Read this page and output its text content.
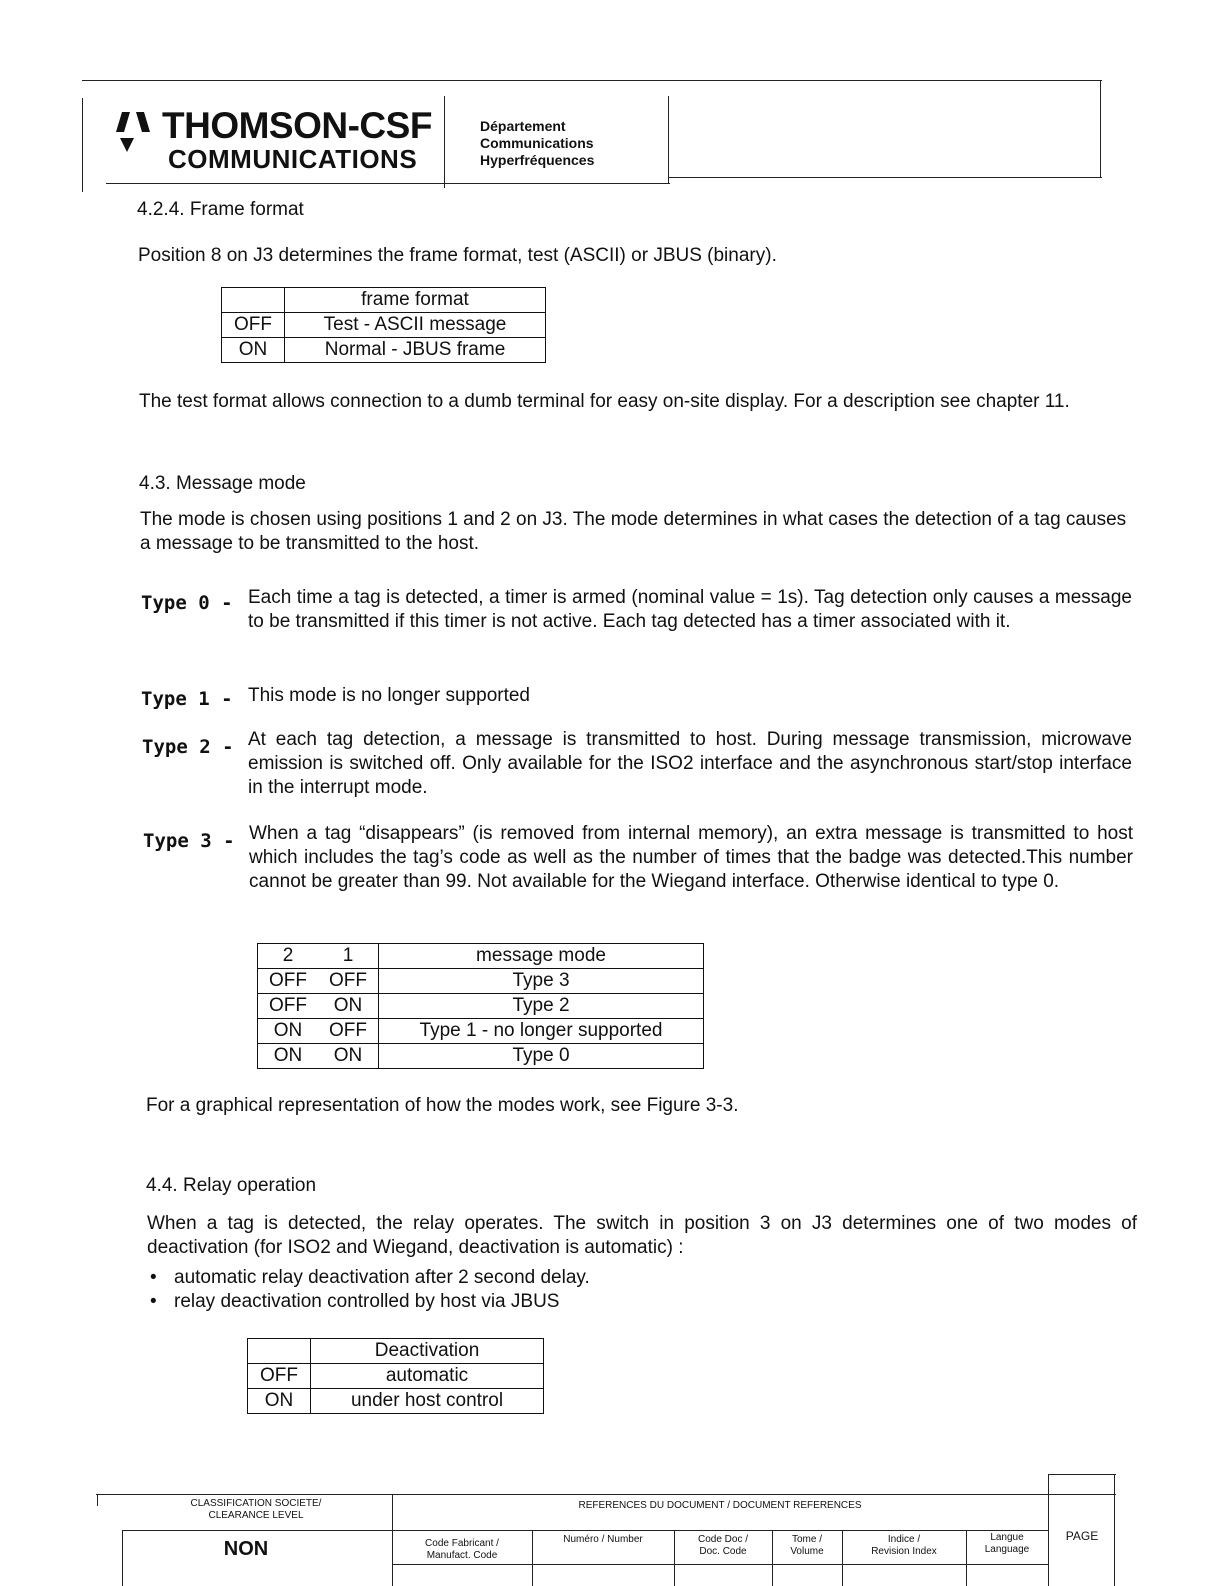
THOMSON-CSF
COMMUNICATIONS
Département
Communications
Hyperfréquences
4.2.4. Frame format
Position 8 on J3 determines the frame format, test (ASCII) or JBUS (binary).
	frame format
OFF	Test - ASCII message
ON	Normal - JBUS frame
The test format allows connection to a dumb terminal for easy on-site display. For a description see chapter 11.
4.3. Message mode
The mode is chosen using positions 1 and 2 on J3. The mode determines in what cases the detection of a tag causes a message to be transmitted to the host.
Type 0 - Each time a tag is detected, a timer is armed (nominal value = 1s). Tag detection only causes a message to be transmitted if this timer is not active. Each tag detected has a timer associated with it.
Type 1 - This mode is no longer supported
Type 2 - At each tag detection, a message is transmitted to host. During message transmission, microwave emission is switched off. Only available for the ISO2 interface and the asynchronous start/stop interface in the interrupt mode.
Type 3 - When a tag “disappears” (is removed from internal memory), an extra message is transmitted to host which includes the tag’s code as well as the number of times that the badge was detected.This number cannot be greater than 99. Not available for the Wiegand interface. Otherwise identical to type 0.
2	1	message mode
OFF	OFF	Type 3
OFF	ON	Type 2
ON	OFF	Type 1 - no longer supported
ON	ON	Type 0
For a graphical representation of how the modes work, see Figure 3-3.
4.4. Relay operation
When a tag is detected, the relay operates. The switch in position 3 on J3 determines one of two modes of deactivation (for ISO2 and Wiegand, deactivation is automatic) :
• automatic relay deactivation after 2 second delay.
• relay deactivation controlled by host via JBUS
	Deactivation
OFF	automatic
ON	under host control
CLASSIFICATION SOCIETE/
CLEARANCE LEVEL
NON
REFERENCES DU DOCUMENT / DOCUMENT REFERENCES
Code Fabricant /
Manufact. Code
Numéro / Number	Code Doc /
Doc. Code
Tome /
Volume
Indice /
Revision Index
Langue
Language
PAGE
